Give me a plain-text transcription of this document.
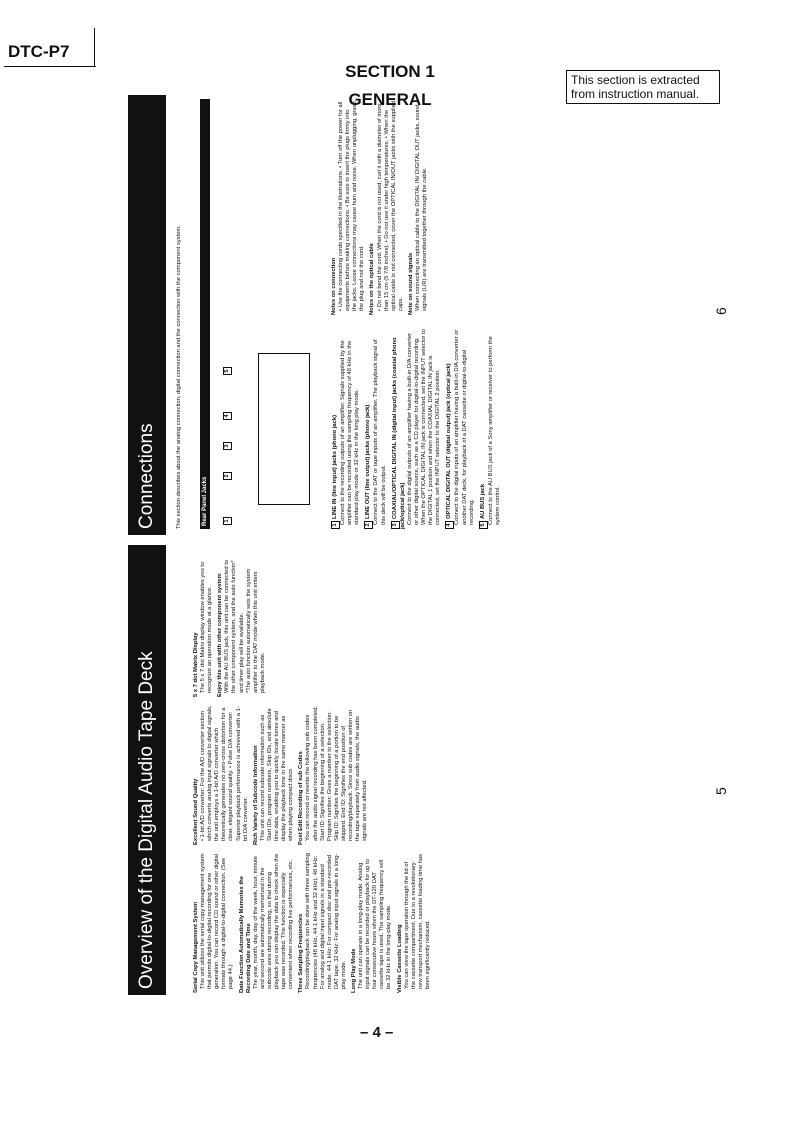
DTC-P7
SECTION 1
GENERAL
This section is extracted from instruction manual.
Overview of the Digital Audio Tape Deck
Connections
Serial Copy Management System This unit utilizes the serial copy management system that permits digital-to-digital recording for one generation. You can record CD sound or other digital formats through a digital-to-digital connection. (See page 44.) Date Function Automatically Memories the Recording Date and Time The year, month, day, day of the week, hour, minute and second are automatically memorized in the subcode area during recording, so that during playback you can display the data to check when the tape was recorded. This function is especially convenient when recording live performances, etc. Three Sampling Frequencies Recording/playback can be done with three sampling frequencies (48 kHz, 44.1 kHz and 32 kHz). 48 kHz: For analog and digital input signals in a standard mode. 44.1 kHz: For compact disc and pre-recorded DAT tape. 32 kHz: For analog input signals in a long-play mode. Long Play Mode The unit can operate in a long-play mode. Analog input signals can be recorded or playback for up to four consecutive hours when the DT-120 DAT cassette tape is used. The sampling frequency will be 32 kHz in the long-play mode. Visible Cassette Loading You can view the tape operation through the lid of the cassette compartment. Due to a revolutionary new transport mechanism, cassette loading time has been significantly reduced.
Excellent Sound Quality • 1-bit A/D converter: For the A/D converter section which converts analog input signals to digital signals, the unit employs a 1-bit A/D converter which theoretically generates no zero-cross distortion for a clear, elegant sound quality. • Pulse D/A converter: Superior playback performance is achieved with a 1-bit D/A converter. Rich Variety of Subcode Information This unit can record subcode information such as Start IDs, program numbers, Skip IDs, and absolute time data, enabling you to quickly locate tunes and display the playback time in the same manner as when playing compact discs. Post Edit Recording of sub Codes You can record or rewrite the following sub codes after the audio signal recording has been completed. Start ID: Signifies the beginning of a selection. Program number: Gives a number to the selection. Skip ID: Signifies the beginning of a portion to be skipped. End ID: Signifies the end position of recording/playback. Since sub codes are written on the tape separately from audio signals, the audio signals are not affected.
5 x 7 dot Matrix Display The 5 x 7 dot Matrix display window enables you to recognize an operation mode at a glance. Enjoy this unit with other component system With the AU BUS jack, this unit can be connected to the other component system, and the auto function* and timer play will be available. *The auto function automatically sets the system amplifier to the DAT mode when this unit enters playback mode.
This section describes about the analog connection, digital connection and the connection with the component system.	Rear Panel Jacks	1
2
3
4
5
1LINE IN (line input) jacks (phono jack) Connect to the recording outputs of an amplifier. Signals supplied by the amplifier can be recorded using the sampling frequency of 48 kHz in the standard play mode or 32 kHz in the long play mode.
2LINE OUT (line output) jacks (phono jack) Connect to the DAT or tape inputs of an amplifier. The playback signal of this deck will be output.
3COAXIAL/OPTICAL DIGITAL IN (digital input) jacks (coaxial phono jack/optical jack) Connect to the digital outputs of an amplifier having a built-in D/A converter or other digital source, such as a CD player for digital-to-digital recording. When the OPTICAL DIGITAL IN jack is connected, set the INPUT selector to the DIGITAL 1 position and when the COAXIAL DIGITAL IN jack is connected, set the INPUT selector to the DIGITAL 2 position.
4OPTICAL DIGITAL OUT (digital output) jack (optical jack) Connect to the digital inputs of an amplifier having a built-in D/A converter or another DAT deck, for playback of a DAT cassette or digital-to-digital recording.
5AU BUS jack Connect to the AU BUS jack of a Sony amplifier or receiver to perform the system control.
Notes on connection • Use the connecting cords specified in the illustrations. • Turn off the power for all equipments before making connections. • Be sure to insert the plugs firmly into the jacks. Loose connections may cause hum and noise. When unplugging, grasp the plug and not the cord. Notes on the optical cable • Do not bend the cord. When the cord is not used, curl it with a diameter of more than 15 cm (5 7/8 inches). • Do not use it under high temperatures. • When the optical cable is not connected, cover the OPTICAL IN/OUT jacks with the supplied caps. Note on sound signals When connecting an optical cable to the DIGITAL IN/ DIGITAL OUT jacks, sound signals (L/R) are transmitted together through the cable.
5
6
– 4 –
